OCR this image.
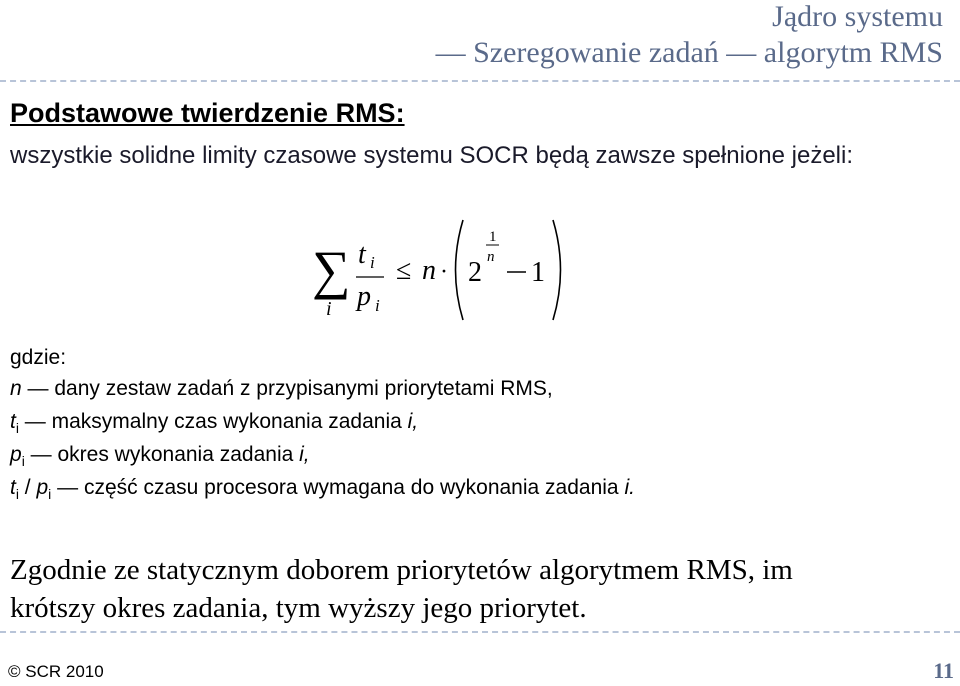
Jądro systemu
— Szeregowanie zadań — algorytm RMS
Podstawowe twierdzenie RMS:
wszystkie solidne limity czasowe systemu SOCR będą zawsze spełnione jeżeli:
∑
i
t i
p i
≤ n · 2
1
n 1
gdzie:
n — dany zestaw zadań z przypisanymi priorytetami RMS,
$t_i$ — maksymalny czas wykonania zadania i,
$p_i$ — okres wykonania zadania i,
$t_i / p_i$ — część czasu procesora wymagana do wykonania zadania i.
Zgodnie ze statycznym doborem priorytetów algorytmem RMS, im
krótszy okres zadania, tym wyższy jego priorytet.
© SCR 2010	11
